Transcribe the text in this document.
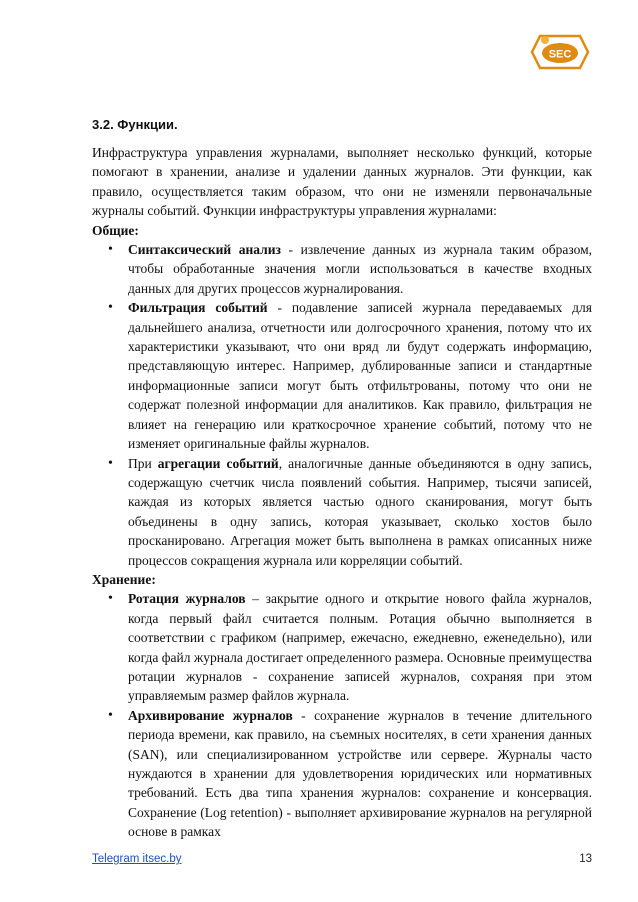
SEC
3.2. Функции.

Инфраструктура управления журналами, выполняет несколько функций, которые помогают в хранении, анализе и удалении данных журналов. Эти функции, как правило, осуществляется таким образом, что они не изменяли первоначальные журналы событий. Функции инфраструктуры управления журналами:

Общие:

• Синтаксический анализ - извлечение данных из журнала таким образом, чтобы обработанные значения могли использоваться в качестве входных данных для других процессов журналирования.
• Фильтрация событий - подавление записей журнала передаваемых для дальнейшего анализа, отчетности или долгосрочного хранения, потому что их характеристики указывают, что они вряд ли будут содержать информацию, представляющую интерес. Например, дублированные записи и стандартные информационные записи могут быть отфильтрованы, потому что они не содержат полезной информации для аналитиков. Как правило, фильтрация не влияет на генерацию или краткосрочное хранение событий, потому что не изменяет оригинальные файлы журналов.
• При агрегации событий, аналогичные данные объединяются в одну запись, содержащую счетчик числа появлений события. Например, тысячи записей, каждая из которых является частью одного сканирования, могут быть объединены в одну запись, которая указывает, сколько хостов было просканировано. Агрегация может быть выполнена в рамках описанных ниже процессов сокращения журнала или корреляции событий.

Хранение:

• Ротация журналов – закрытие одного и открытие нового файла журналов, когда первый файл считается полным. Ротация обычно выполняется в соответствии с графиком (например, ежечасно, ежедневно, еженедельно), или когда файл журнала достигает определенного размера. Основные преимущества ротации журналов - сохранение записей журналов, сохраняя при этом управляемым размер файлов журнала.
• Архивирование журналов - сохранение журналов в течение длительного периода времени, как правило, на съемных носителях, в сети хранения данных (SAN), или специализированном устройстве или сервере. Журналы часто нуждаются в хранении для удовлетворения юридических или нормативных требований. Есть два типа хранения журналов: сохранение и консервация. Сохранение (Log retention) - выполняет архивирование журналов на регулярной основе в рамках
Telegram itsec.by	13
